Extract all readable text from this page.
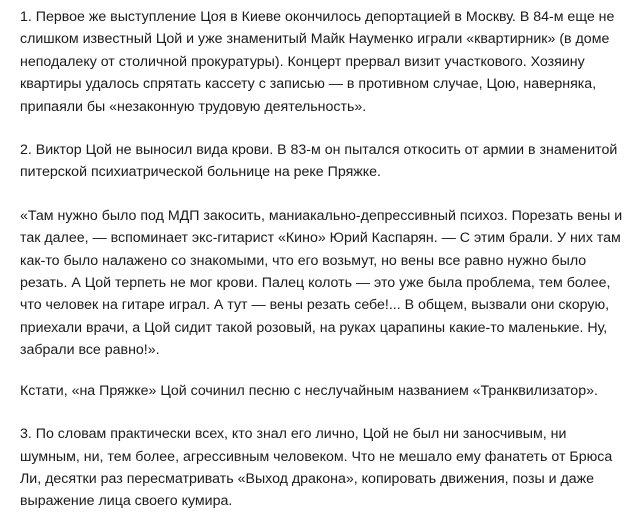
1. Первое же выступление Цоя в Киеве окончилось депортацией в Москву. В 84-м еще не
слишком известный Цой и уже знаменитый Майк Науменко играли «квартирник» (в доме
неподалеку от столичной прокуратуры). Концерт прервал визит участкового. Хозяину
квартиры удалось спрятать кассету с записью — в противном случае, Цою, наверняка,
припаяли бы «незаконную трудовую деятельность».

2. Виктор Цой не выносил вида крови. В 83-м он пытался откосить от армии в знаменитой
питерской психиатрической больнице на реке Пряжке.

«Там нужно было под МДП закосить, маниакально-депрессивный психоз. Порезать вены и
так далее, — вспоминает экс-гитарист «Кино» Юрий Каспарян. — С этим брали. У них там
как-то было налажено со знакомыми, что его возьмут, но вены все равно нужно было
резать. А Цой терпеть не мог крови. Палец колоть — это уже была проблема, тем более,
что человек на гитаре играл. А тут — вены резать себе!... В общем, вызвали они скорую,
приехали врачи, а Цой сидит такой розовый, на руках царапины какие-то маленькие. Ну,
забрали все равно!».

Кстати, «на Пряжке» Цой сочинил песню с неслучайным названием «Транквилизатор».

3. По словам практически всех, кто знал его лично, Цой не был ни заносчивым, ни
шумным, ни, тем более, агрессивным человеком. Что не мешало ему фанатеть от Брюса
Ли, десятки раз пересматривать «Выход дракона», копировать движения, позы и даже
выражение лица своего кумира.
